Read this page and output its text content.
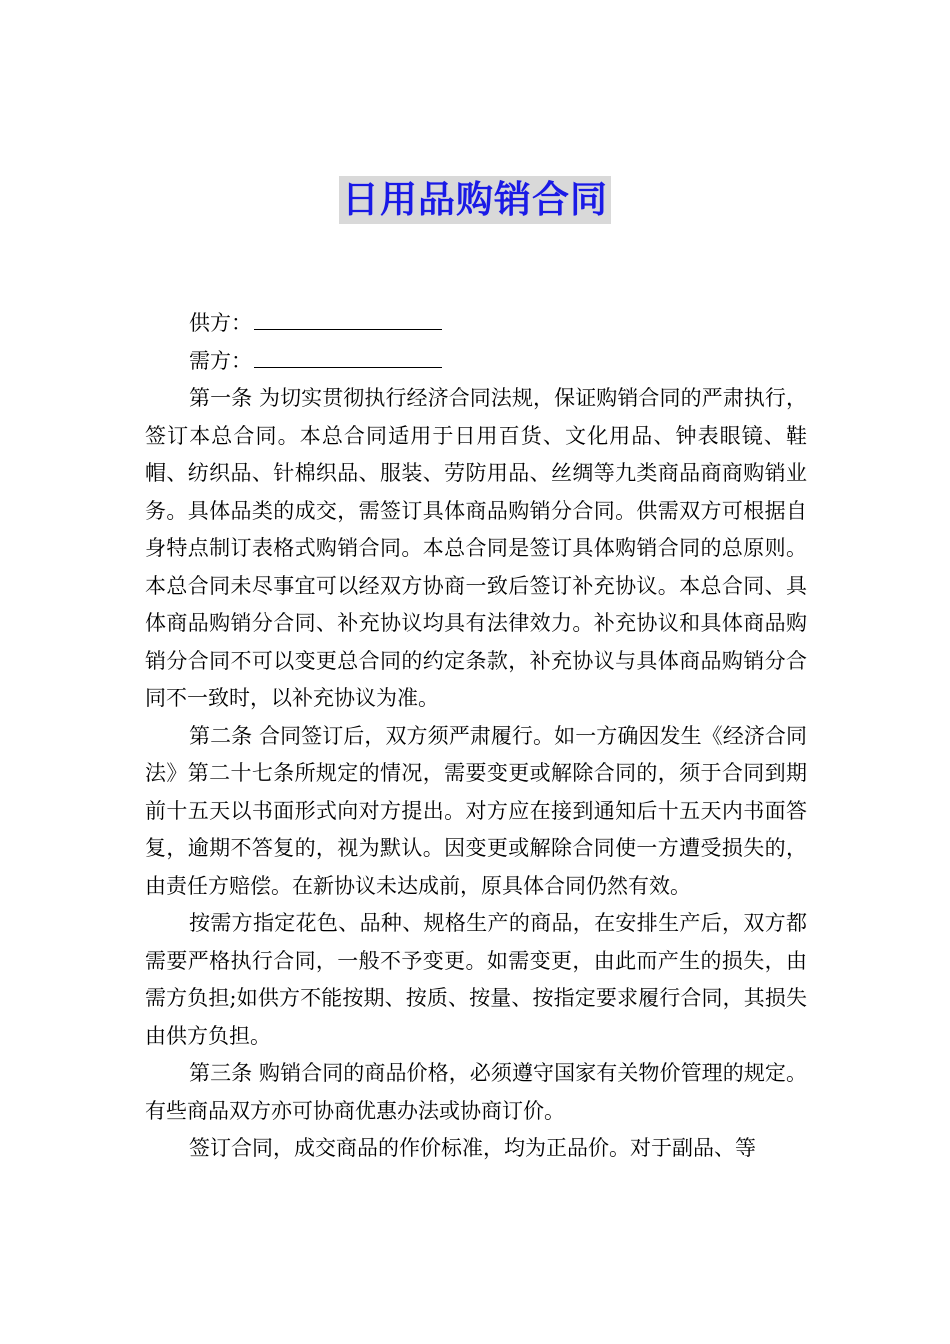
日用品购销合同
供方：
需方：

第一条 为切实贯彻执行经济合同法规，保证购销合同的严肃执行，签订本总合同。本总合同适用于日用百货、文化用品、钟表眼镜、鞋帽、纺织品、针棉织品、服装、劳防用品、丝绸等九类商品商商购销业务。具体品类的成交，需签订具体商品购销分合同。供需双方可根据自身特点制订表格式购销合同。本总合同是签订具体购销合同的总原则。本总合同未尽事宜可以经双方协商一致后签订补充协议。本总合同、具体商品购销分合同、补充协议均具有法律效力。补充协议和具体商品购销分合同不可以变更总合同的约定条款，补充协议与具体商品购销分合同不一致时，以补充协议为准。

第二条 合同签订后，双方须严肃履行。如一方确因发生《经济合同法》第二十七条所规定的情况，需要变更或解除合同的，须于合同到期前十五天以书面形式向对方提出。对方应在接到通知后十五天内书面答复，逾期不答复的，视为默认。因变更或解除合同使一方遭受损失的，由责任方赔偿。在新协议未达成前，原具体合同仍然有效。

按需方指定花色、品种、规格生产的商品，在安排生产后，双方都需要严格执行合同，一般不予变更。如需变更，由此而产生的损失，由需方负担;如供方不能按期、按质、按量、按指定要求履行合同，其损失由供方负担。

第三条 购销合同的商品价格，必须遵守国家有关物价管理的规定。有些商品双方亦可协商优惠办法或协商订价。

签订合同，成交商品的作价标准，均为正品价。对于副品、等
